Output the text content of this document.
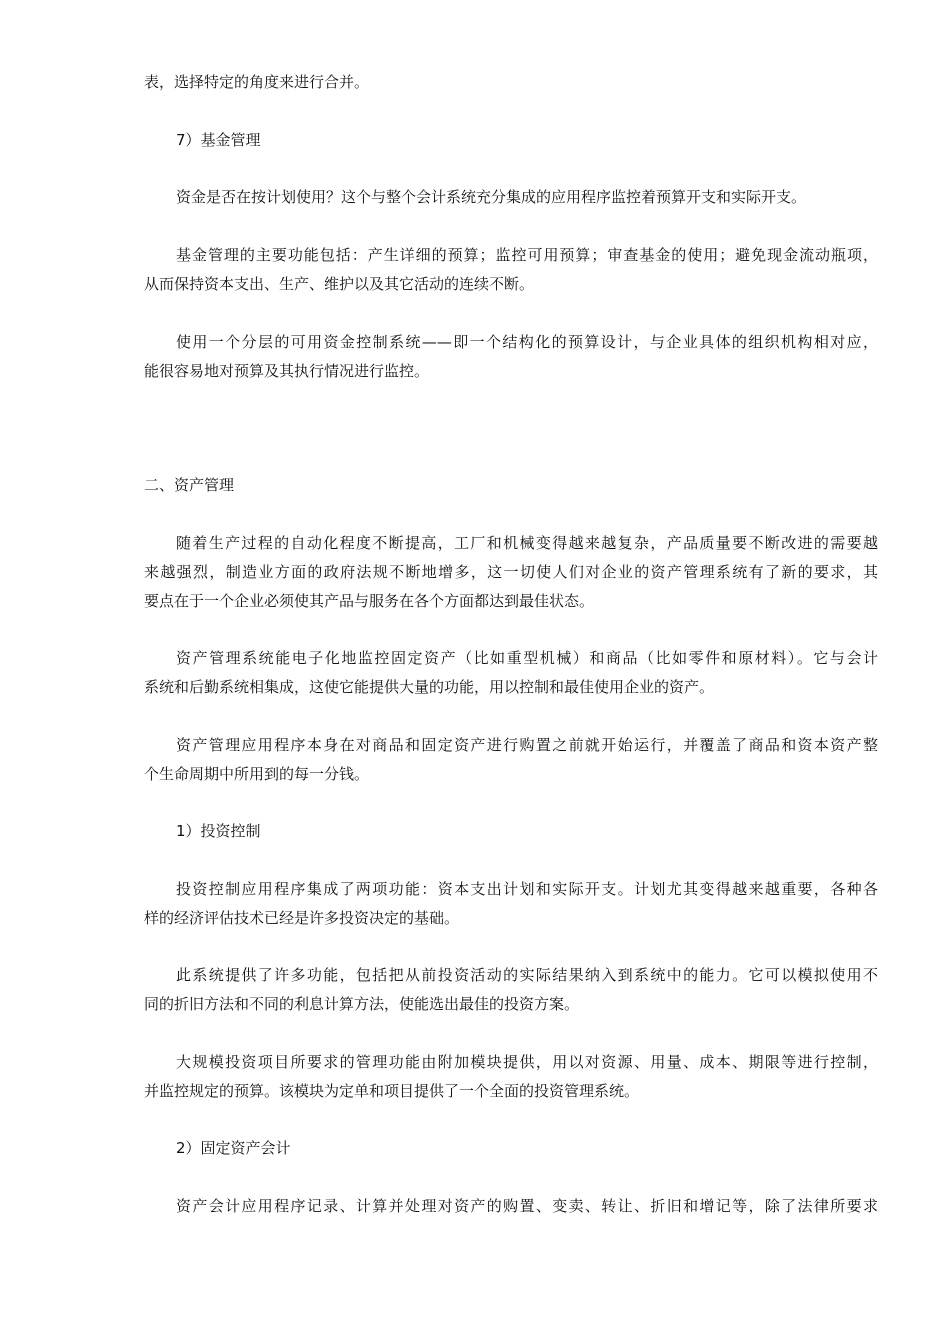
表，选择特定的角度来进行合并。
7）基金管理
资金是否在按计划使用？这个与整个会计系统充分集成的应用程序监控着预算开支和实际开支。
基金管理的主要功能包括：产生详细的预算；监控可用预算；审查基金的使用；避免现金流动瓶项，
从而保持资本支出、生产、维护以及其它活动的连续不断。
使用一个分层的可用资金控制系统——即一个结构化的预算设计，与企业具体的组织机构相对应，
能很容易地对预算及其执行情况进行监控。
二、资产管理
随着生产过程的自动化程度不断提高，工厂和机械变得越来越复杂，产品质量要不断改进的需要越
来越强烈，制造业方面的政府法规不断地增多，这一切使人们对企业的资产管理系统有了新的要求，其
要点在于一个企业必须使其产品与服务在各个方面都达到最佳状态。
资产管理系统能电子化地监控固定资产（比如重型机械）和商品（比如零件和原材料）。它与会计
系统和后勤系统相集成，这使它能提供大量的功能，用以控制和最佳使用企业的资产。
资产管理应用程序本身在对商品和固定资产进行购置之前就开始运行，并覆盖了商品和资本资产整
个生命周期中所用到的每一分钱。
1）投资控制
投资控制应用程序集成了两项功能：资本支出计划和实际开支。计划尤其变得越来越重要，各种各
样的经济评估技术已经是许多投资决定的基础。
此系统提供了许多功能，包括把从前投资活动的实际结果纳入到系统中的能力。它可以模拟使用不
同的折旧方法和不同的利息计算方法，使能选出最佳的投资方案。
大规模投资项目所要求的管理功能由附加模块提供，用以对资源、用量、成本、期限等进行控制，
并监控规定的预算。该模块为定单和项目提供了一个全面的投资管理系统。
2）固定资产会计
资产会计应用程序记录、计算并处理对资产的购置、变卖、转让、折旧和增记等，除了法律所要求
